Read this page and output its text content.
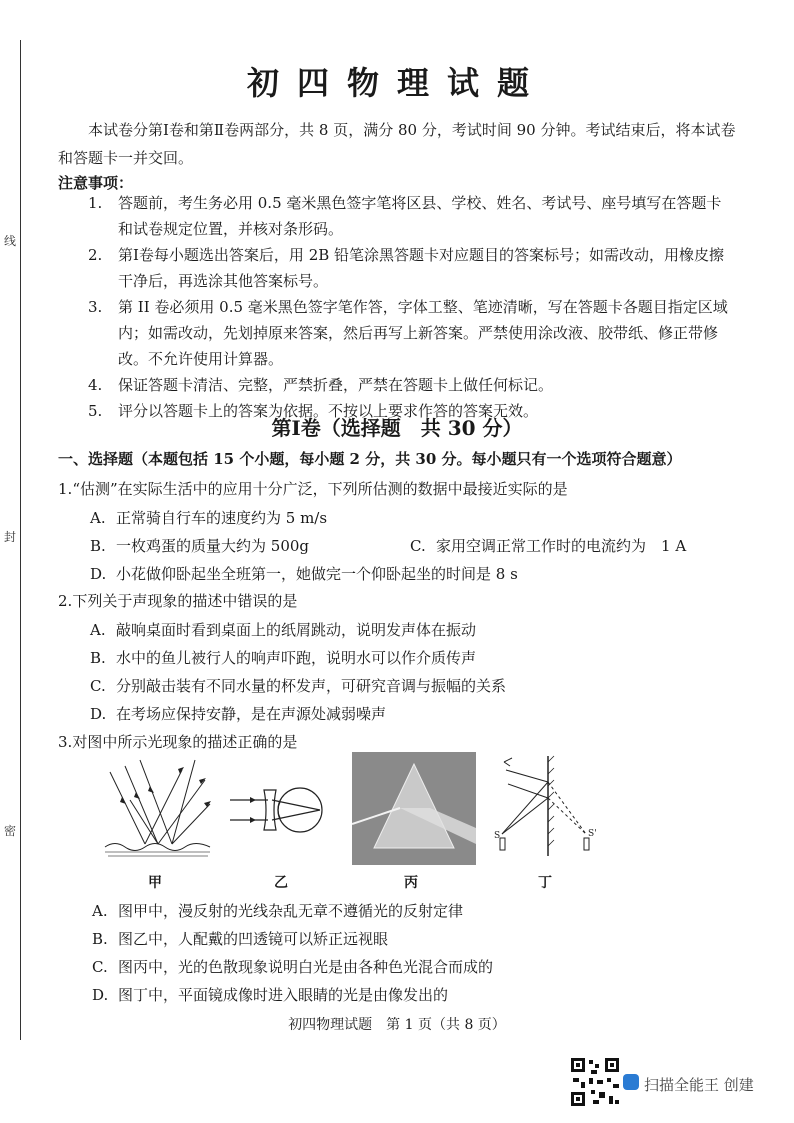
线
封
密
初四物理试题
本试卷分第Ⅰ卷和第Ⅱ卷两部分，共 8 页，满分 80 分，考试时间 90 分钟。考试结束后，将本试卷和答题卡一并交回。
注意事项：
1. 答题前，考生务必用 0.5 毫米黑色签字笔将区县、学校、姓名、考试号、座号填写在答题卡和试卷规定位置，并核对条形码。
2. 第Ⅰ卷每小题选出答案后，用 2B 铅笔涂黑答题卡对应题目的答案标号；如需改动，用橡皮擦干净后，再选涂其他答案标号。
3. 第 II 卷必须用 0.5 毫米黑色签字笔作答，字体工整、笔迹清晰，写在答题卡各题目指定区域内；如需改动，先划掉原来答案，然后再写上新答案。严禁使用涂改液、胶带纸、修正带修改。不允许使用计算器。
4. 保证答题卡清洁、完整，严禁折叠，严禁在答题卡上做任何标记。
5. 评分以答题卡上的答案为依据。不按以上要求作答的答案无效。
第Ⅰ卷（选择题　共 30 分）
一、选择题（本题包括 15 个小题，每小题 2 分，共 30 分。每小题只有一个选项符合题意）
1.“估测”在实际生活中的应用十分广泛，下列所估测的数据中最接近实际的是
A. 正常骑自行车的速度约为 5 m/s
B. 一枚鸡蛋的质量大约为 500g	C. 家用空调正常工作时的电流约为　1 A
D. 小花做仰卧起坐全班第一，她做完一个仰卧起坐的时间是 8 s
2.下列关于声现象的描述中错误的是
A. 敲响桌面时看到桌面上的纸屑跳动，说明发声体在振动
B. 水中的鱼儿被行人的响声吓跑，说明水可以作介质传声
C. 分别敲击装有不同水量的杯发声，可研究音调与振幅的关系
D. 在考场应保持安静，是在声源处减弱噪声
3.对图中所示光现象的描述正确的是
甲	乙	丙
S	S'
丁
A. 图甲中，漫反射的光线杂乱无章不遵循光的反射定律
B. 图乙中，人配戴的凹透镜可以矫正远视眼
C. 图丙中，光的色散现象说明白光是由各种色光混合而成的
D. 图丁中，平面镜成像时进入眼睛的光是由像发出的
初四物理试题　第 1 页（共 8 页）
扫描全能王 创建
